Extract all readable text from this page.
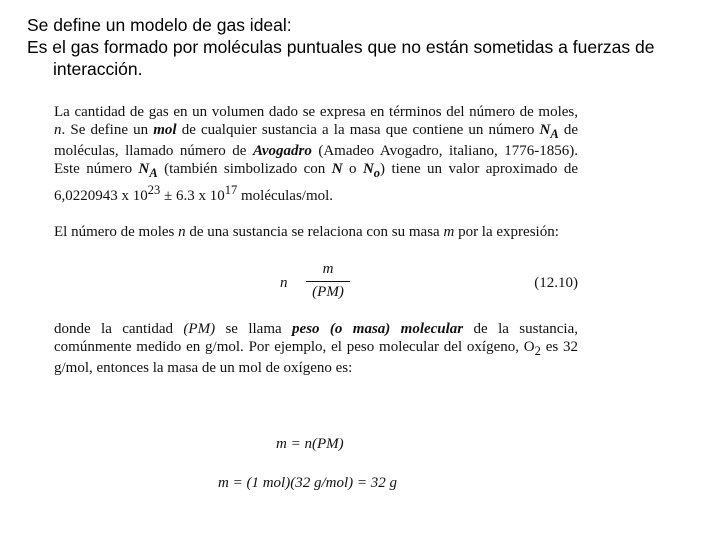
Se define un modelo de gas ideal:
Es el gas formado por moléculas puntuales que no están sometidas a fuerzas de interacción.

La cantidad de gas en un volumen dado se expresa en términos del número de moles, n. Se define un mol de cualquier sustancia a la masa que contiene un número $N_A$ de moléculas, llamado número de Avogadro (Amadeo Avogadro, italiano, 1776-1856). Este número $N_A$ (también simbolizado con N o $N_o$) tiene un valor aproximado de 6,0220943 x $10^{23} \pm 6.3$ x $10^{17}$ moléculas/mol.

El número de moles n de una sustancia se relaciona con su masa m por la expresión:

n $\frac{m}{(PM)}$	(12.10)

donde la cantidad (PM) se llama peso (o masa) molecular de la sustancia, comúnmente medido en g/mol. Por ejemplo, el peso molecular del oxígeno, $O_2$ es 32 g/mol, entonces la masa de un mol de oxígeno es:

m = n(PM)
m = (1 mol)(32 g/mol) = 32 g
